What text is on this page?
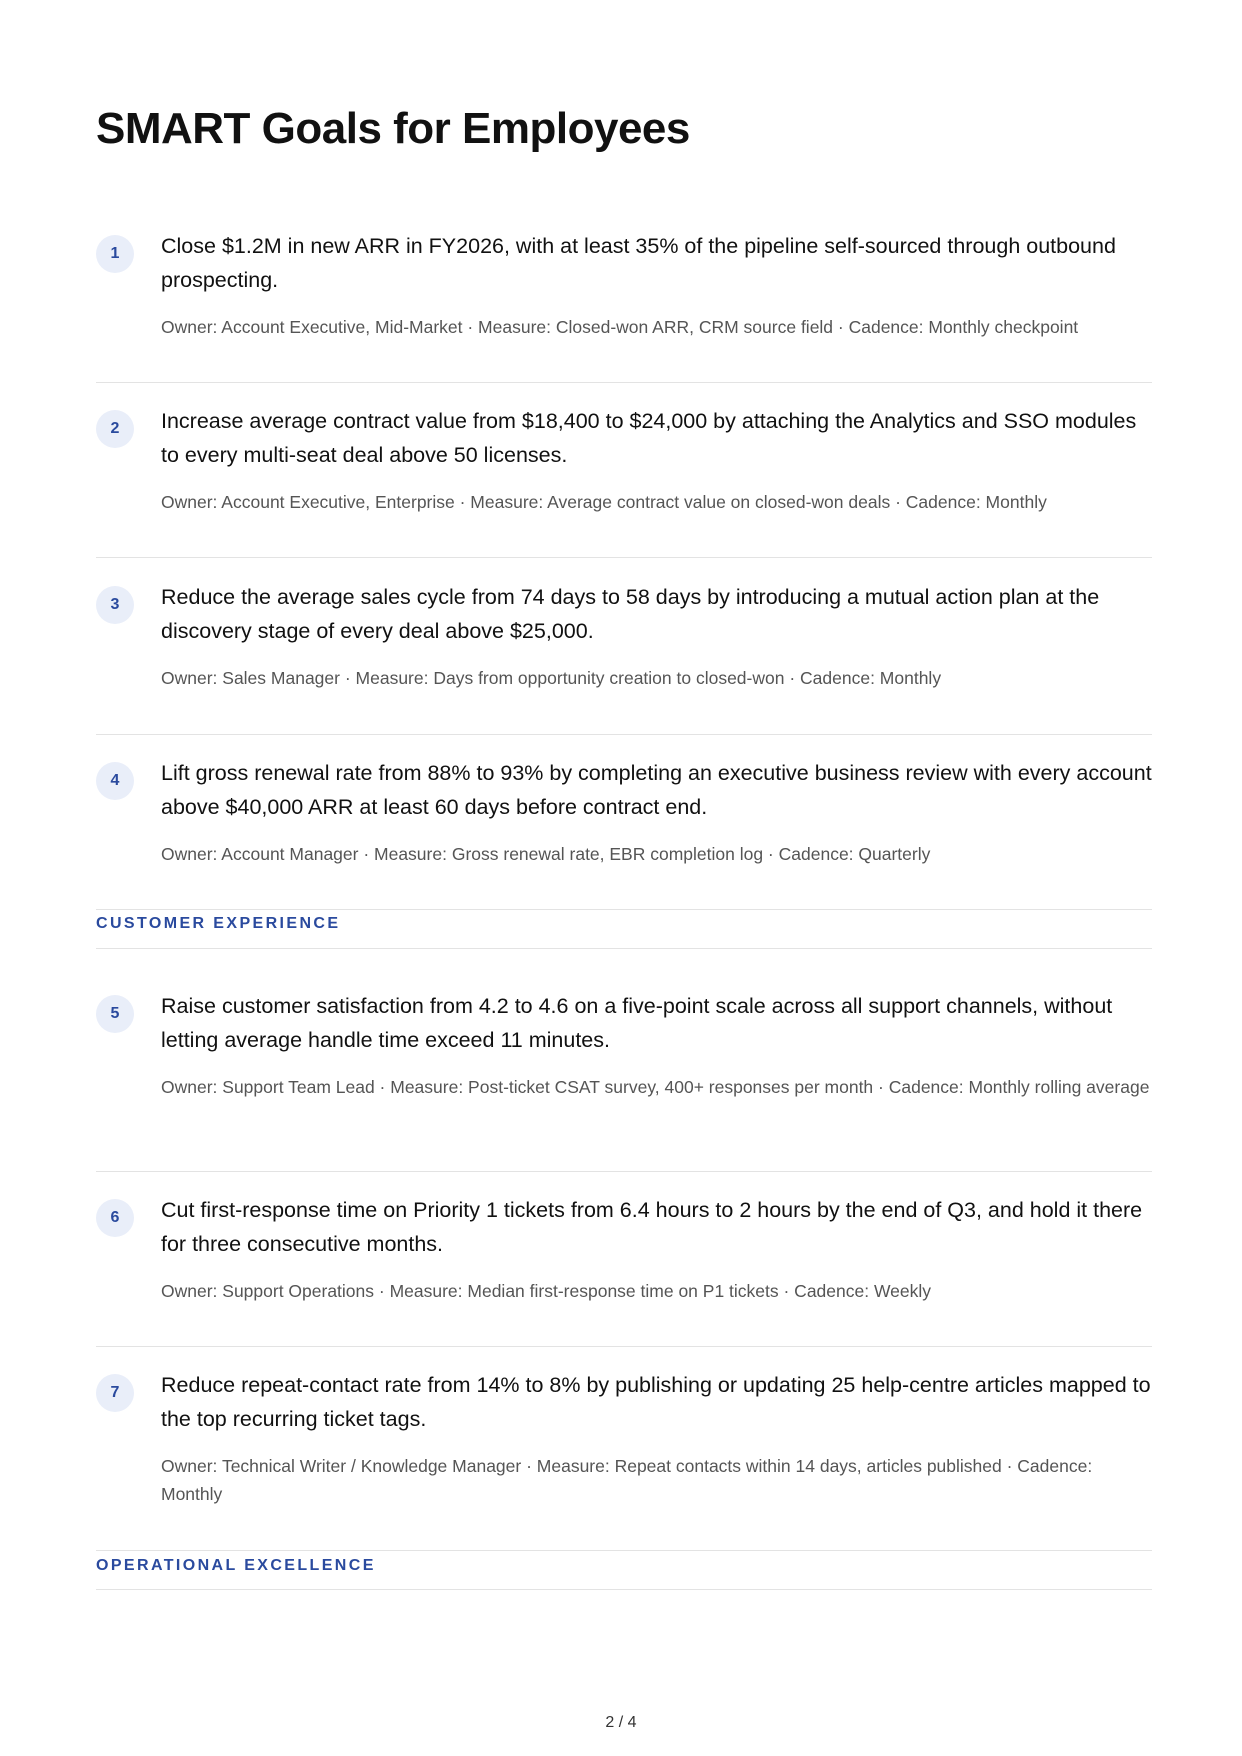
SMART Goals for Employees
1	Close $1.2M in new ARR in FY2026, with at least 35% of the pipeline self-sourced through outbound prospecting.
Owner: Account Executive, Mid-Market · Measure: Closed-won ARR, CRM source field · Cadence: Monthly checkpoint
2	Increase average contract value from $18,400 to $24,000 by attaching the Analytics and SSO modules to every multi-seat deal above 50 licenses.
Owner: Account Executive, Enterprise · Measure: Average contract value on closed-won deals · Cadence: Monthly
3	Reduce the average sales cycle from 74 days to 58 days by introducing a mutual action plan at the discovery stage of every deal above $25,000.
Owner: Sales Manager · Measure: Days from opportunity creation to closed-won · Cadence: Monthly
4	Lift gross renewal rate from 88% to 93% by completing an executive business review with every account above $40,000 ARR at least 60 days before contract end.
Owner: Account Manager · Measure: Gross renewal rate, EBR completion log · Cadence: Quarterly
CUSTOMER EXPERIENCE
5	Raise customer satisfaction from 4.2 to 4.6 on a five-point scale across all support channels, without letting average handle time exceed 11 minutes.
Owner: Support Team Lead · Measure: Post-ticket CSAT survey, 400+ responses per month · Cadence: Monthly rolling average
6	Cut first-response time on Priority 1 tickets from 6.4 hours to 2 hours by the end of Q3, and hold it there for three consecutive months.
Owner: Support Operations · Measure: Median first-response time on P1 tickets · Cadence: Weekly
7	Reduce repeat-contact rate from 14% to 8% by publishing or updating 25 help-centre articles mapped to the top recurring ticket tags.
Owner: Technical Writer / Knowledge Manager · Measure: Repeat contacts within 14 days, articles published · Cadence: Monthly
OPERATIONAL EXCELLENCE
2 / 4
